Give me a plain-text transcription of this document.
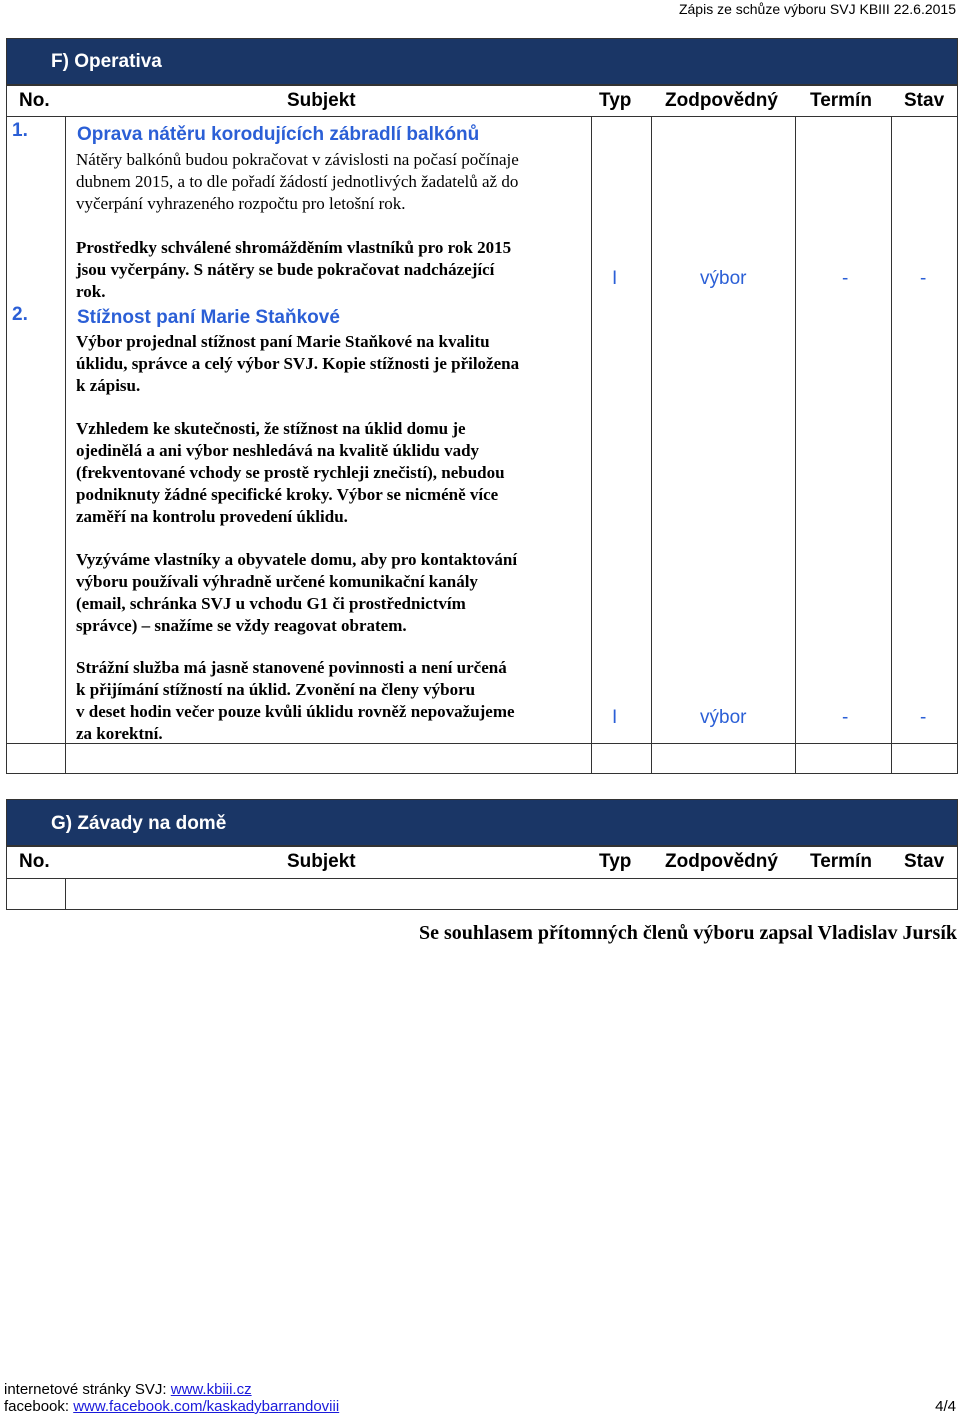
Zápis ze schůze výboru SVJ KBIII 22.6.2015
F) Operativa
No.	Subjekt	Typ Zodpovědný Termín Stav
1.	Oprava nátěru korodujících zábradlí balkónů
Nátěry balkónů budou pokračovat v závislosti na počasí počínaje
dubnem 2015, a to dle pořadí žádostí jednotlivých žadatelů až do
vyčerpání vyhrazeného rozpočtu pro letošní rok.
Prostředky schválené shromážděním vlastníků pro rok 2015
jsou vyčerpány. S nátěry se bude pokračovat nadcházející
rok.
I	výbor	-	-
2.	Stížnost paní Marie Staňkové
Výbor projednal stížnost paní Marie Staňkové na kvalitu
úklidu, správce a celý výbor SVJ. Kopie stížnosti je přiložena
k zápisu.
Vzhledem ke skutečnosti, že stížnost na úklid domu je
ojedinělá a ani výbor neshledává na kvalitě úklidu vady
(frekventované vchody se prostě rychleji znečistí), nebudou
podniknuty žádné specifické kroky. Výbor se nicméně více
zaměří na kontrolu provedení úklidu.
Vyzýváme vlastníky a obyvatele domu, aby pro kontaktování
výboru používali výhradně určené komunikační kanály
(email, schránka SVJ u vchodu G1 či prostřednictvím
správce) – snažíme se vždy reagovat obratem.
Strážní služba má jasně stanovené povinnosti a není určená
k přijímání stížností na úklid. Zvonění na členy výboru
v deset hodin večer pouze kvůli úklidu rovněž nepovažujeme
za korektní.
I	výbor	-	-
G) Závady na domě
No.	Subjekt	Typ Zodpovědný Termín Stav
Se souhlasem přítomných členů výboru zapsal Vladislav Jursík
internetové stránky SVJ: www.kbiii.cz
facebook: www.facebook.com/kaskadybarrandoviii	4/4
